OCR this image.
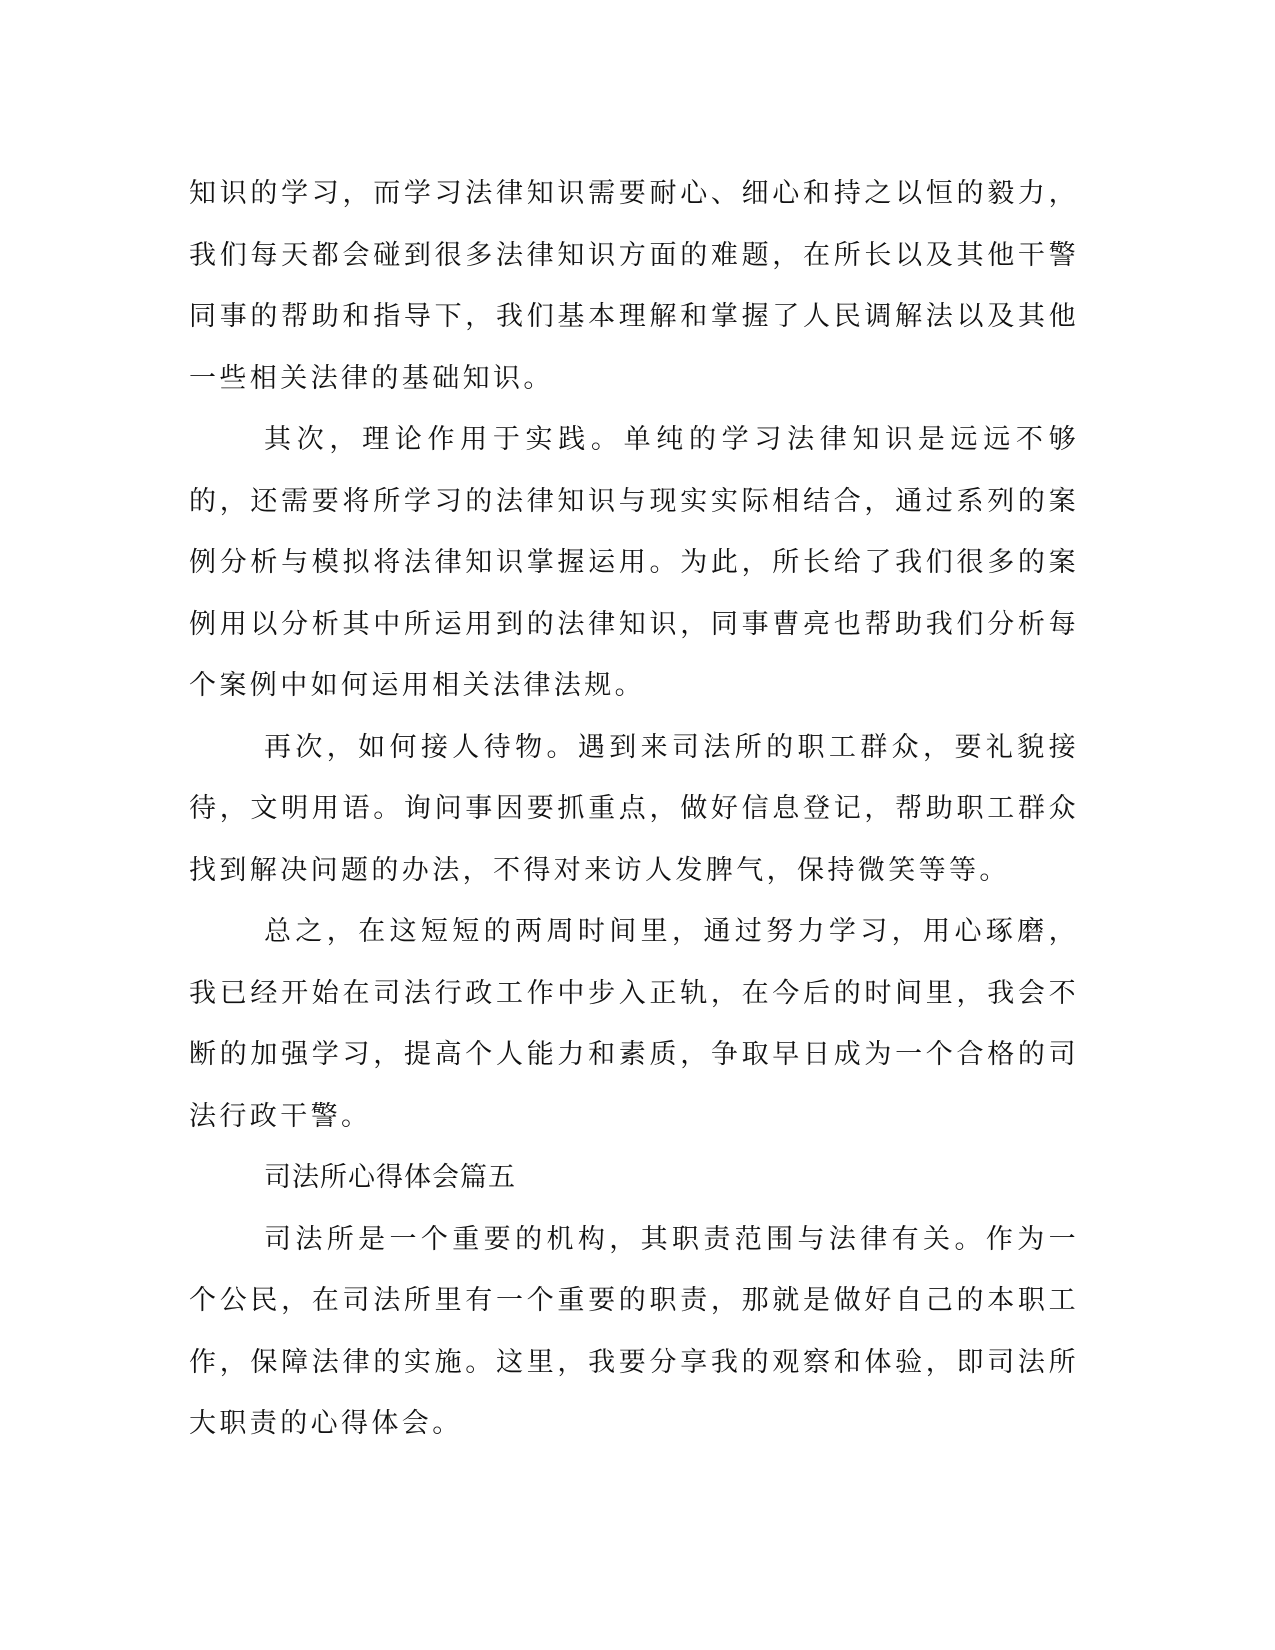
知识的学习，而学习法律知识需要耐心、细心和持之以恒的毅力，我们每天都会碰到很多法律知识方面的难题，在所长以及其他干警同事的帮助和指导下，我们基本理解和掌握了人民调解法以及其他一些相关法律的基础知识。

其次，理论作用于实践。单纯的学习法律知识是远远不够的，还需要将所学习的法律知识与现实实际相结合，通过系列的案例分析与模拟将法律知识掌握运用。为此，所长给了我们很多的案例用以分析其中所运用到的法律知识，同事曹亮也帮助我们分析每个案例中如何运用相关法律法规。

再次，如何接人待物。遇到来司法所的职工群众，要礼貌接待，文明用语。询问事因要抓重点，做好信息登记，帮助职工群众找到解决问题的办法，不得对来访人发脾气，保持微笑等等。

总之，在这短短的两周时间里，通过努力学习，用心琢磨，我已经开始在司法行政工作中步入正轨，在今后的时间里，我会不断的加强学习，提高个人能力和素质，争取早日成为一个合格的司法行政干警。

司法所心得体会篇五

司法所是一个重要的机构，其职责范围与法律有关。作为一个公民，在司法所里有一个重要的职责，那就是做好自己的本职工作，保障法律的实施。这里，我要分享我的观察和体验，即司法所大职责的心得体会。
